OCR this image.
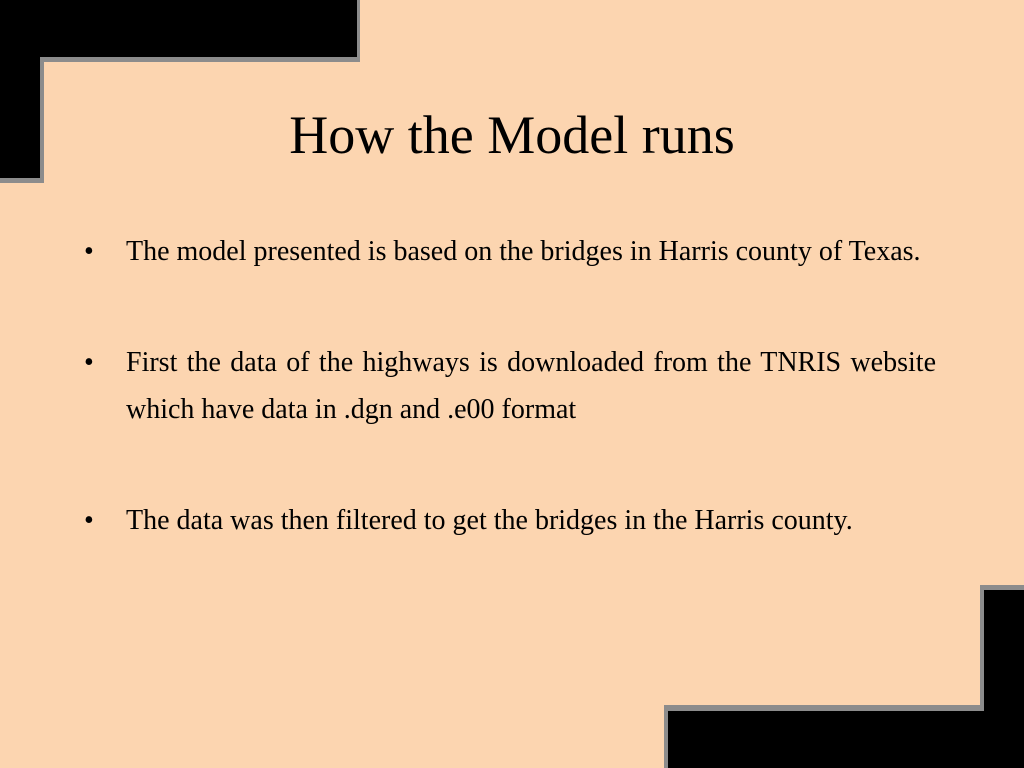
How the Model runs
•	The model presented is based on the bridges in Harris county of Texas.
•	First the data of the highways is downloaded from the TNRIS website which have data in .dgn and .e00 format
•	The data was then filtered to get the bridges in the Harris county.
